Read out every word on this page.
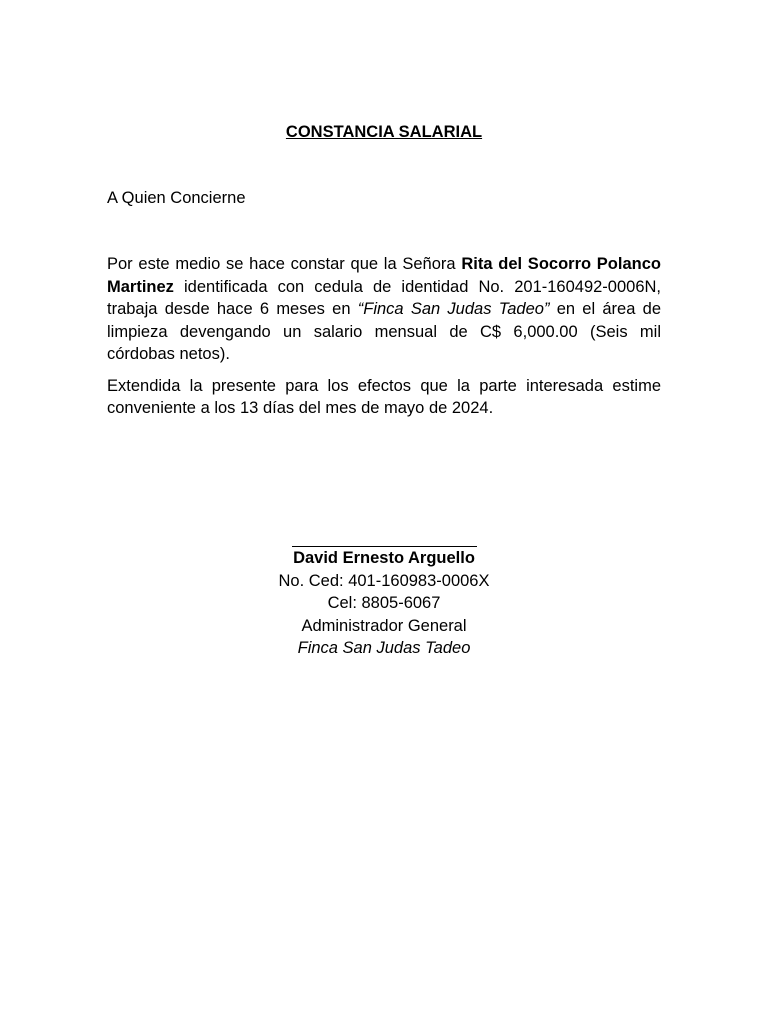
CONSTANCIA SALARIAL
A Quien Concierne

Por este medio se hace constar que la Señora Rita del Socorro Polanco Martinez identificada con cedula de identidad No. 201-160492-0006N, trabaja desde hace 6 meses en “Finca San Judas Tadeo” en el área de limpieza devengando un salario mensual de C$ 6,000.00 (Seis mil córdobas netos).

Extendida la presente para los efectos que la parte interesada estime conveniente a los 13 días del mes de mayo de 2024.

David Ernesto Arguello
No. Ced: 401-160983-0006X
Cel: 8805-6067
Administrador General
Finca San Judas Tadeo
